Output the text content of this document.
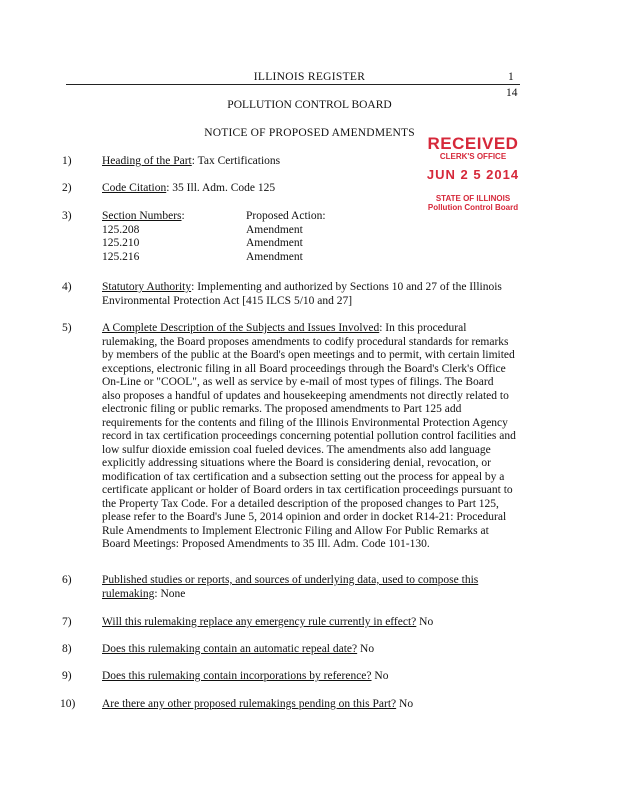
ILLINOIS REGISTER	1
14
POLLUTION CONTROL BOARD
NOTICE OF PROPOSED AMENDMENTS
RECEIVED
CLERK'S OFFICE
JUN 2 5 2014
STATE OF ILLINOIS
Pollution Control Board
1)	Heading of the Part: Tax Certifications
2)	Code Citation: 35 Ill. Adm. Code 125
3)	Section Numbers:	Proposed Action:
125.208	Amendment
125.210	Amendment
125.216	Amendment
4)	Statutory Authority: Implementing and authorized by Sections 10 and 27 of the Illinois
Environmental Protection Act [415 ILCS 5/10 and 27]
5)	A Complete Description of the Subjects and Issues Involved: In this procedural
rulemaking, the Board proposes amendments to codify procedural standards for remarks
by members of the public at the Board's open meetings and to permit, with certain limited
exceptions, electronic filing in all Board proceedings through the Board's Clerk's Office
On-Line or "COOL", as well as service by e-mail of most types of filings. The Board
also proposes a handful of updates and housekeeping amendments not directly related to
electronic filing or public remarks. The proposed amendments to Part 125 add
requirements for the contents and filing of the Illinois Environmental Protection Agency
record in tax certification proceedings concerning potential pollution control facilities and
low sulfur dioxide emission coal fueled devices. The amendments also add language
explicitly addressing situations where the Board is considering denial, revocation, or
modification of tax certification and a subsection setting out the process for appeal by a
certificate applicant or holder of Board orders in tax certification proceedings pursuant to
the Property Tax Code. For a detailed description of the proposed changes to Part 125,
please refer to the Board's June 5, 2014 opinion and order in docket R14-21: Procedural
Rule Amendments to Implement Electronic Filing and Allow For Public Remarks at
Board Meetings: Proposed Amendments to 35 Ill. Adm. Code 101-130.
6)	Published studies or reports, and sources of underlying data, used to compose this
rulemaking: None
7)	Will this rulemaking replace any emergency rule currently in effect? No
8)	Does this rulemaking contain an automatic repeal date? No
9)	Does this rulemaking contain incorporations by reference? No
10) Are there any other proposed rulemakings pending on this Part? No
